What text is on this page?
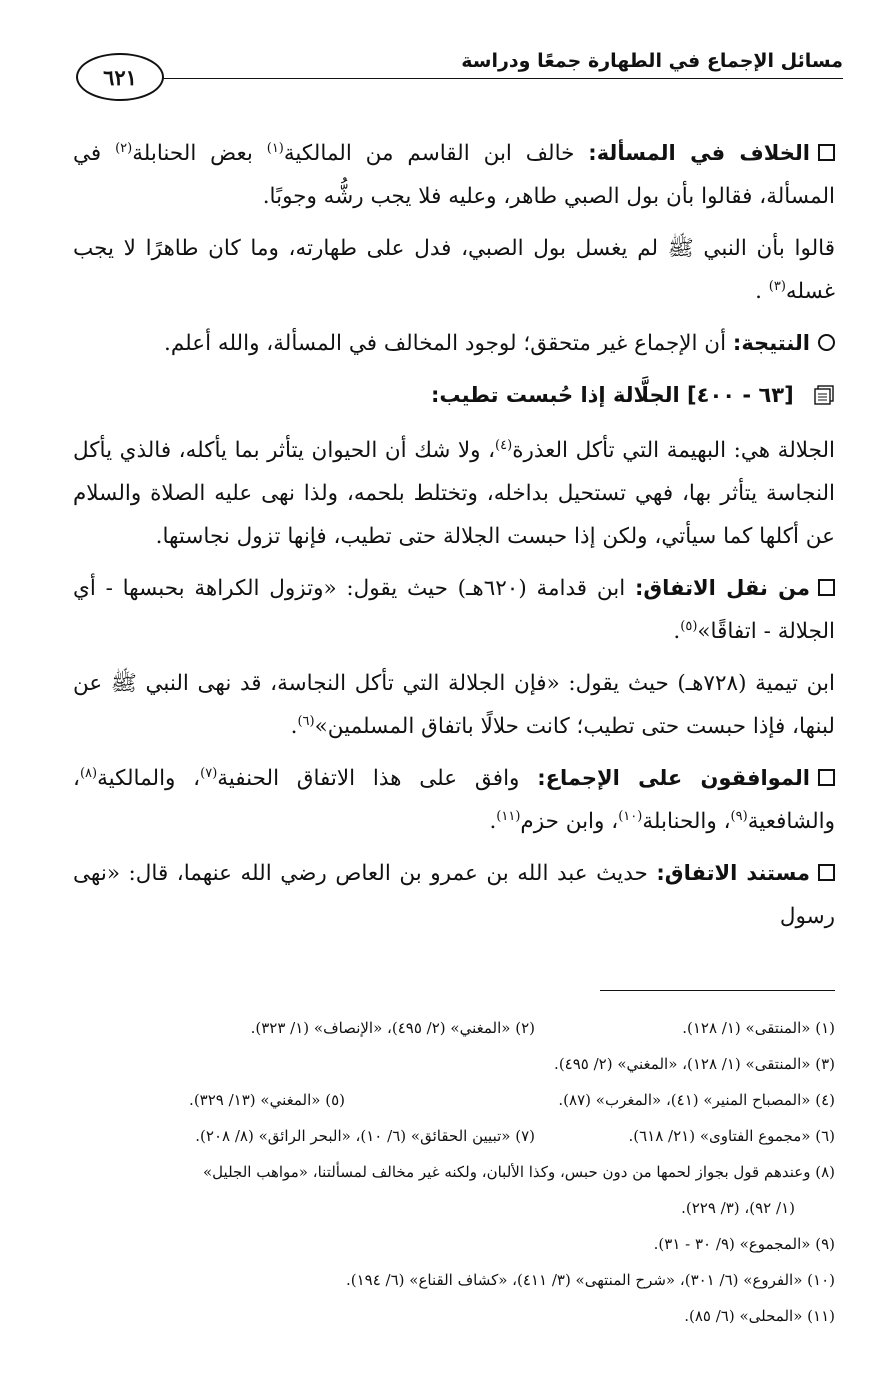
مسائل الإجماع في الطهارة جمعًا ودراسة
٦٢١

الخلاف في المسألة: خالف ابن القاسم من المالكية$^{(١)}$ بعض الحنابلة$^{(٢)}$ في المسألة، فقالوا بأن بول الصبي طاهر، وعليه فلا يجب رشُّه وجوبًا.

قالوا بأن النبي ﷺ لم يغسل بول الصبي، فدل على طهارته، وما كان طاهرًا لا يجب غسله$^{(٣)}$ .

النتيجة: أن الإجماع غير متحقق؛ لوجود المخالف في المسألة، والله أعلم.

[٦٣ - ٤٠٠] الجلَّالة إذا حُبست تطيب:

الجلالة هي: البهيمة التي تأكل العذرة$^{(٤)}$، ولا شك أن الحيوان يتأثر بما يأكله، فالذي يأكل النجاسة يتأثر بها، فهي تستحيل بداخله، وتختلط بلحمه، ولذا نهى عليه الصلاة والسلام عن أكلها كما سيأتي، ولكن إذا حبست الجلالة حتى تطيب، فإنها تزول نجاستها.

من نقل الاتفاق: ابن قدامة (٦٢٠هـ) حيث يقول: «وتزول الكراهة بحبسها - أي الجلالة - اتفاقًا»$^{(٥)}$.

ابن تيمية (٧٢٨هـ) حيث يقول: «فإن الجلالة التي تأكل النجاسة، قد نهى النبي ﷺ عن لبنها، فإذا حبست حتى تطيب؛ كانت حلالًا باتفاق المسلمين»$^{(٦)}$.

الموافقون على الإجماع: وافق على هذا الاتفاق الحنفية$^{(٧)}$، والمالكية$^{(٨)}$، والشافعية$^{(٩)}$، والحنابلة$^{(١٠)}$، وابن حزم$^{(١١)}$.

مستند الاتفاق: حديث عبد الله بن عمرو بن العاص رضي الله عنهما، قال: «نهى رسول

(١) «المنتقى» (١/ ١٢٨).
(٢) «المغني» (٢/ ٤٩٥)، «الإنصاف» (١/ ٣٢٣).
(٣) «المنتقى» (١/ ١٢٨)، «المغني» (٢/ ٤٩٥).
(٤) «المصباح المنير» (٤١)، «المغرب» (٨٧).
(٥) «المغني» (١٣/ ٣٢٩).
(٦) «مجموع الفتاوى» (٢١/ ٦١٨).
(٧) «تبيين الحقائق» (٦/ ١٠)، «البحر الرائق» (٨/ ٢٠٨).
(٨) وعندهم قول بجواز لحمها من دون حبس، وكذا الألبان، ولكنه غير مخالف لمسألتنا، «مواهب الجليل»
(١/ ٩٢)، (٣/ ٢٢٩).
(٩) «المجموع» (٩/ ٣٠ - ٣١).
(١٠) «الفروع» (٦/ ٣٠١)، «شرح المنتهى» (٣/ ٤١١)، «كشاف القناع» (٦/ ١٩٤).
(١١) «المحلى» (٦/ ٨٥).
